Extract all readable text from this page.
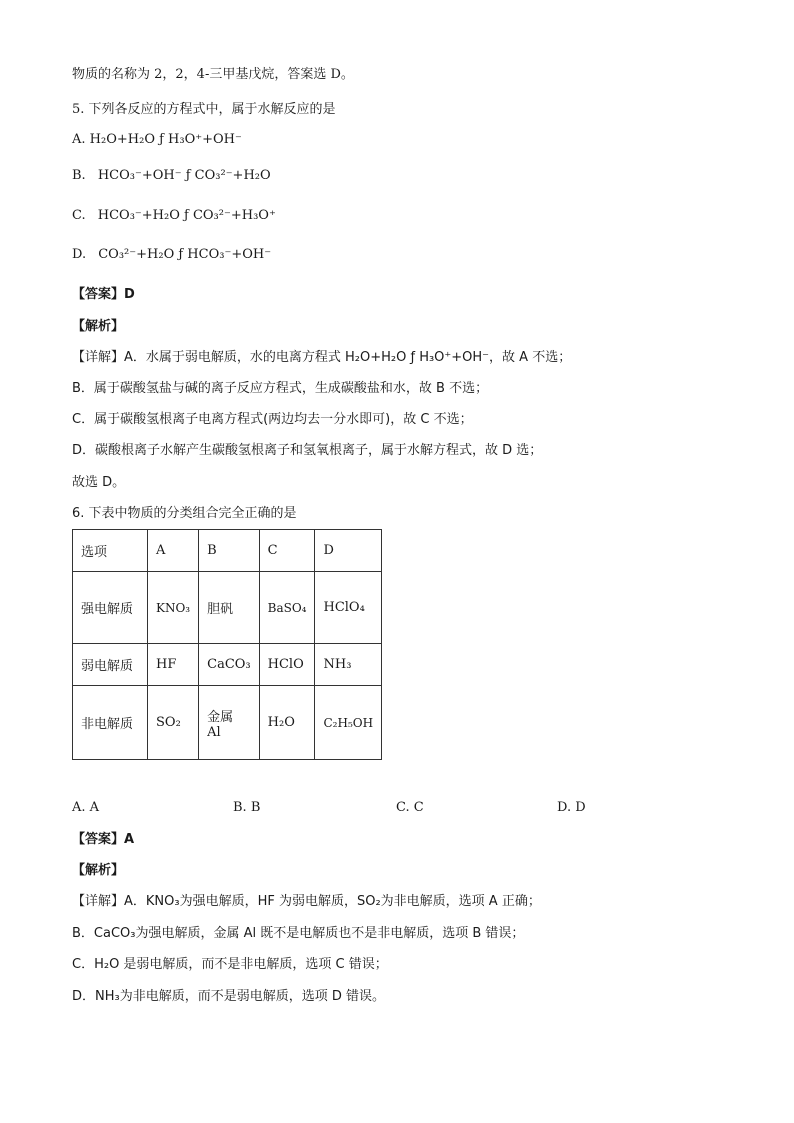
物质的名称为 2，2，4-三甲基戊烷，答案选 D。
5. 下列各反应的方程式中，属于水解反应的是
A. H₂O+H₂O ƒ H₃O⁺+OH⁻
B. HCO₃⁻+OH⁻ ƒ CO₃²⁻+H₂O
C. HCO₃⁻+H₂O ƒ CO₃²⁻+H₃O⁺
D. CO₃²⁻+H₂O ƒ HCO₃⁻+OH⁻
【答案】D
【解析】
【详解】A．水属于弱电解质，水的电离方程式 H₂O+H₂O ƒ H₃O⁺+OH⁻，故 A 不选；
B．属于碳酸氢盐与碱的离子反应方程式，生成碳酸盐和水，故 B 不选；
C．属于碳酸氢根离子电离方程式(两边均去一分水即可)，故 C 不选；
D．碳酸根离子水解产生碳酸氢根离子和氢氧根离子，属于水解方程式，故 D 选；
故选 D。
6. 下表中物质的分类组合完全正确的是
选项	A	B	C	D
强电解质	KNO₃	胆矾	BaSO₄	HClO₄
弱电解质	HF	CaCO₃	HClO	NH₃
非电解质	SO₂	金属 Al	H₂O	C₂H₅OH
A. A	B. B	C. C	D. D
【答案】A
【解析】
【详解】A．KNO₃为强电解质，HF 为弱电解质，SO₂为非电解质，选项 A 正确；
B．CaCO₃为强电解质，金属 Al 既不是电解质也不是非电解质，选项 B 错误；
C．H₂O 是弱电解质，而不是非电解质，选项 C 错误；
D．NH₃为非电解质，而不是弱电解质，选项 D 错误。
